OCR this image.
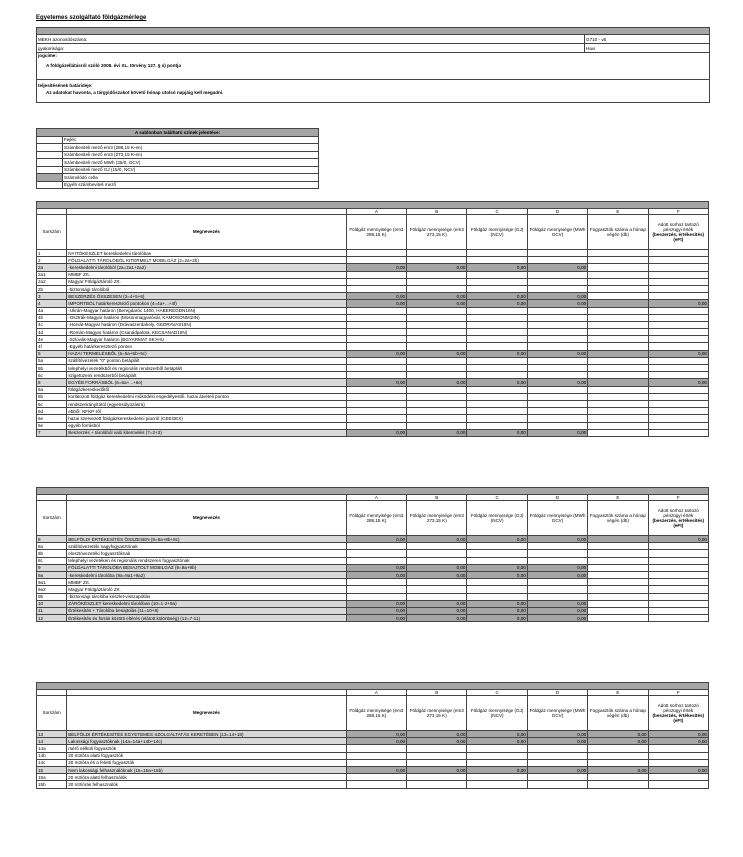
Egyetemes szolgáltató földgázmérlege

MEKH azonosítószáma:	G710 - v5
gyakorisága:	Havi

jogcíme:
A földgázellátásról szóló 2008. évi XL. törvény 127. § s) pontja	

teljesítésének határideje:
Az adatokat havonta, a tárgyidőszakot követő hónap utolsó napjáig kell megadni.	
A sablonban található színek jelentése:	
	Fejléc
	Számbeviteli mező em3 (288,15 K-en)
	Számbeviteli mező em3 (273,15 K-en)
	Számbeviteli mező MWh (25/0, GCV)
	Számbeviteli mező GJ (15/0, NCV)
	Számolódó cella
	Egyéb számbeviteli mező

		A	B	C	D	E	F
Sorszám	Megnevezés	Földgáz mennyisége (em3 288,15 K)	Földgáz mennyisége (em3 273,15 K)	Földgáz mennyisége (GJ) (NCV)	Földgáz mennyisége (MWh GCV)	Fogyasztók száma a hónap végén (db)	Adott sorhoz tartozó pénzügyi érték
(beszerzés, értékesítés) (eFt)

1	NYITÓKÉSZLET kereskedelmi tárolóban						
2	FÖLDALATTI TÁROLÓBÓL KITERMELT MOBILGÁZ (2=2a+2b)						
2a	-kereskedelmi tárolóból (2a=2a1+2a2)	0,00	0,00	0,00	0,00		
2a1	MMBF Zrt.						
2a2	Magyar Földgáztároló Zrt.						
2b	-biztonsági tárolóból						
3	BESZERZÉS ÖSSZESEN (3=4+5+6)	0,00	0,00	0,00	0,00		
4	IMPORTBÓL határkeresztező pontokon (4=4a+...+4f)	0,00	0,00	0,00	0,00		0,00
4a	-Ukrán-Magyar határon (Beregdaróc 1400, HABEREGDN1IIN)						
4b	-Osztrák-Magyar határon (Mosonmagyaróvár, KAMOSONM1IIN)						
4c	-Horvát-Magyar határon (Drávaszerdahely, GEDRAVAS1IIN)						
4d	-Román-Magyar határon (Csanádpalota, KECSANAD1IIN)						
4e	-Szlovák-Magyar határon (BGYARMAT SK>HU						
4f	-Egyéb határkeresztező ponton						
5	HAZAI TERMELÉSBŐL (5=5a+5b+5c)	0,00	0,00	0,00	0,00		0,00
5a	szállítóvezeték "0" ponton betáplált						
5b	telephelyi vezetékből és regionális rendszerből betáplált						
5c	szigetüzemi rendszerből betáplált						
6	EGYÉB FORRÁSBÓL (6=6a+...+6e)	0,00	0,00	0,00	0,00		0,00
6a	földgázkereskedőtől						
6b	korlátozott földgáz kereskedelmi működési engedélyestől, hazai átvételi ponton						
6c	rendszerirányítótól (egyensúlyozásra)						
6d	ebből: NFKP-ről						
6e	hazai szervezett földgázkereskedelmi piacról (CEEGEX)						
6e	egyéb forrásból						
7	Beszerzés + tárolóból való kitermelés (7=2+3)	0,00	0,00	0,00	0,00		

		A	B	C	D	E	F
Sorszám	Megnevezés	Földgáz mennyisége (em3 288,15 K)	Földgáz mennyisége (em3 273,15 K)	Földgáz mennyisége (GJ) (NCV)	Földgáz mennyisége (MWh GCV)	Fogyasztók száma a hónap végén (db)	Adott sorhoz tartozó pénzügyi érték
(beszerzés, értékesítés) (eFt)

8	BELFÖLDI ÉRTÉKESÍTÉS ÖSSZESEN (8=8a+8b+8c)	0,00	0,00	0,00	0,00		0,00
8a	szállítóvezetéki nagyfogyasztónak						
8b	elosztóvezetéki fogyasztóknak						
8c	telephelyi vezetéken és regionális rendszeren fogyasztónak						
9	FÖLDALATTI TÁROLÓBA BESAJTOLT MOBILGÁZ (9=9a+9b)	0,00	0,00	0,00	0,00		
9a	-kereskedelmi tárolóba (9a=9a1+9a2)	0,00	0,00	0,00	0,00		
9a1	MMBF Zrt.						
9a2	Magyar Földgáztároló Zrt.						
9b	-biztonsági tárolóba készlet-visszapótlás						
10	ZÁRÓKÉSZLET kereskedelmi tárolóban (10=1-2+9a)	0,00	0,00	0,00	0,00		
11	Értékesítés + Tárolóba besajtolás (11=10+8)	0,00	0,00	0,00	0,00		
12	Értékesítés és forrás közötti eltérés (elátott különbség) (12=7-11)	0,00	0,00	0,00	0,00		

		A	B	C	D	E	F
Sorszám	Megnevezés	Földgáz mennyisége (em3 288,15 K)	Földgáz mennyisége (em3 273,15 K)	Földgáz mennyisége (GJ) (NCV)	Földgáz mennyisége (MWh GCV)	Fogyasztók száma a hónap végén (db)	Adott sorhoz tartozó pénzügyi érték
(beszerzés, értékesítés) (eFt)

13	BELFÖLDI ÉRTÉKESÍTÉS EGYETEMES SZOLGÁLTATÁS KERETÉBEN (13=14+18)	0,00	0,00	0,00	0,00	0,00	0,00
14	Lakossági fogyasztóknak (14a=14a+14b+14c)	0,00	0,00	0,00	0,00	0,00	0,00
14a	mérő nélküli fogyasztók						
14b	20 m3/óra alatti fogyasztók						
14c	20 m3/óra és a feletti fogyasztók						
15	Nem lakossági felhasználóknak (15=15a+15b)	0,00	0,00	0,00	0,00	0,00	0,00
15a	20 m3/óra alatti felhasználók						
15b	20 m3/órás felhasználók						
